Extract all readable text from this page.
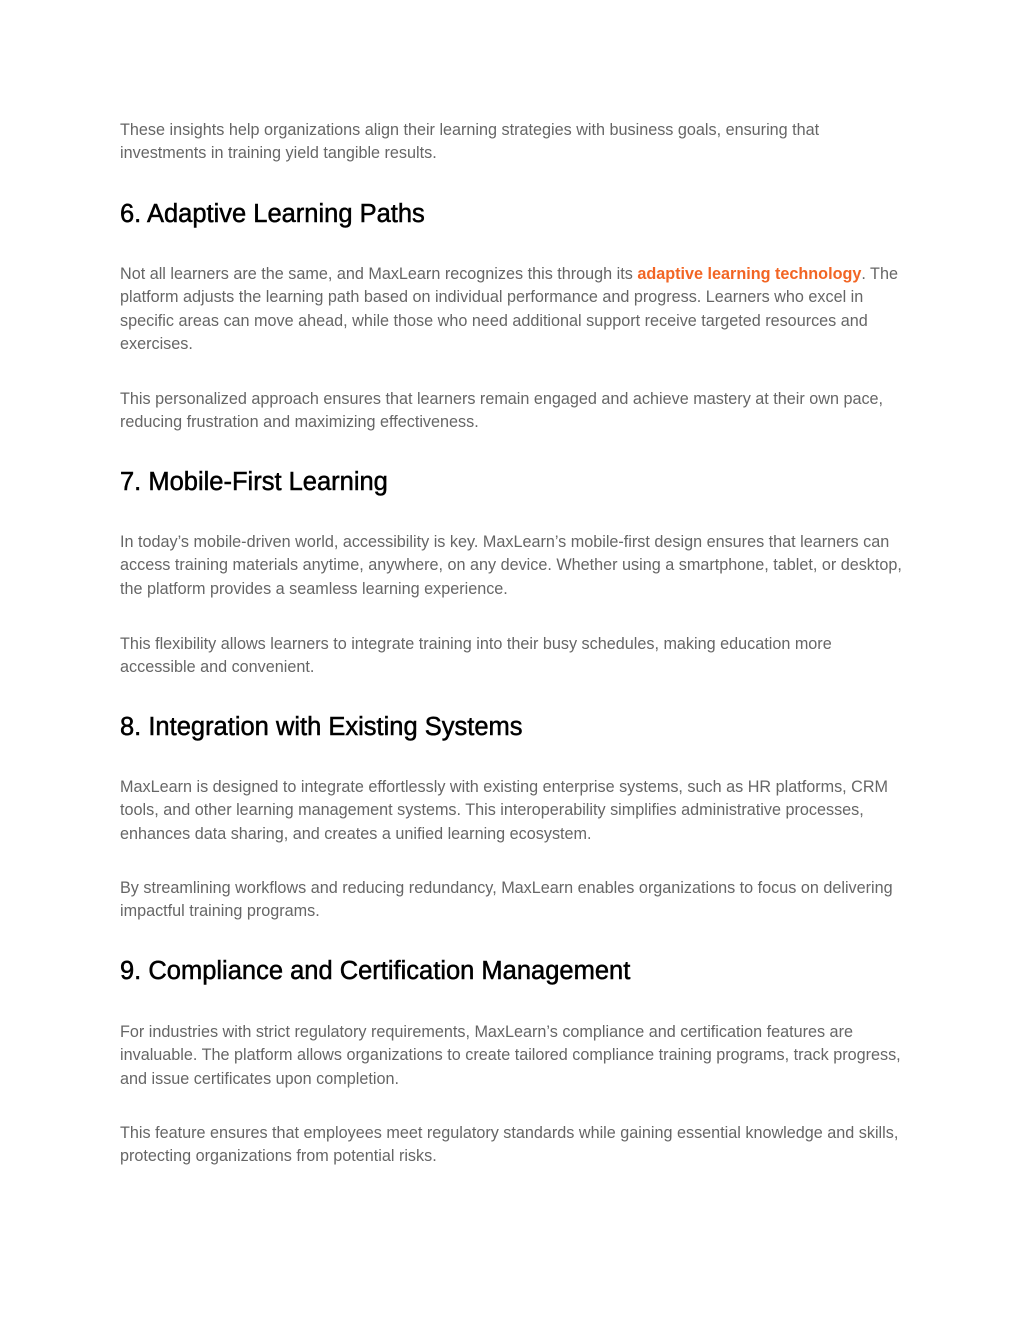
These insights help organizations align their learning strategies with business goals, ensuring that investments in training yield tangible results.

6. Adaptive Learning Paths

Not all learners are the same, and MaxLearn recognizes this through its adaptive learning technology. The platform adjusts the learning path based on individual performance and progress. Learners who excel in specific areas can move ahead, while those who need additional support receive targeted resources and exercises.

This personalized approach ensures that learners remain engaged and achieve mastery at their own pace, reducing frustration and maximizing effectiveness.

7. Mobile-First Learning

In today’s mobile-driven world, accessibility is key. MaxLearn’s mobile-first design ensures that learners can access training materials anytime, anywhere, on any device. Whether using a smartphone, tablet, or desktop, the platform provides a seamless learning experience.

This flexibility allows learners to integrate training into their busy schedules, making education more accessible and convenient.

8. Integration with Existing Systems

MaxLearn is designed to integrate effortlessly with existing enterprise systems, such as HR platforms, CRM tools, and other learning management systems. This interoperability simplifies administrative processes, enhances data sharing, and creates a unified learning ecosystem.

By streamlining workflows and reducing redundancy, MaxLearn enables organizations to focus on delivering impactful training programs.

9. Compliance and Certification Management

For industries with strict regulatory requirements, MaxLearn’s compliance and certification features are invaluable. The platform allows organizations to create tailored compliance training programs, track progress, and issue certificates upon completion.

This feature ensures that employees meet regulatory standards while gaining essential knowledge and skills, protecting organizations from potential risks.
